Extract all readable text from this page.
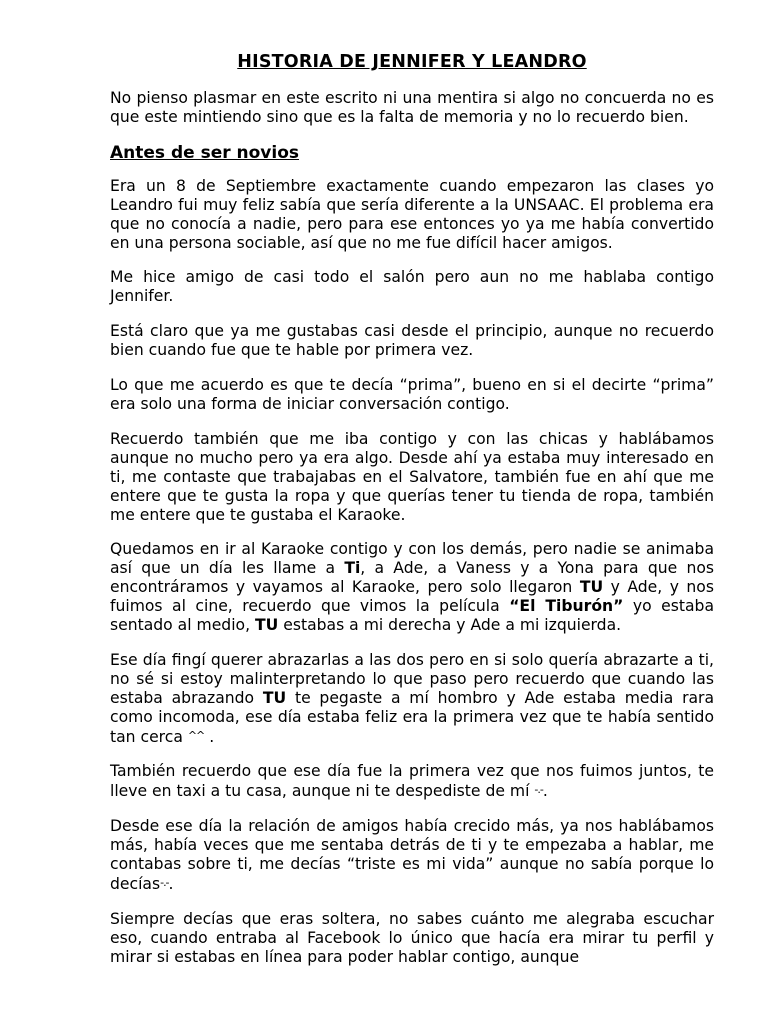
HISTORIA DE JENNIFER Y LEANDRO

No pienso plasmar en este escrito ni una mentira si algo no concuerda no es que este mintiendo sino que es la falta de memoria y no lo recuerdo bien.

Antes de ser novios

Era un 8 de Septiembre exactamente cuando empezaron las clases yo Leandro fui muy feliz sabía que sería diferente a la UNSAAC. El problema era que no conocía a nadie, pero para ese entonces yo ya me había convertido en una persona sociable, así que no me fue difícil hacer amigos.

Me hice amigo de casi todo el salón pero aun no me hablaba contigo Jennifer.

Está claro que ya me gustabas casi desde el principio, aunque no recuerdo bien cuando fue que te hable por primera vez.

Lo que me acuerdo es que te decía “prima”, bueno en si el decirte “prima” era solo una forma de iniciar conversación contigo.

Recuerdo también que me iba contigo y con las chicas y hablábamos aunque no mucho pero ya era algo. Desde ahí ya estaba muy interesado en ti, me contaste que trabajabas en el Salvatore, también fue en ahí que me entere que te gusta la ropa y que querías tener tu tienda de ropa, también me entere que te gustaba el Karaoke.

Quedamos en ir al Karaoke contigo y con los demás, pero nadie se animaba así que un día les llame a Ti, a Ade, a Vaness y a Yona para que nos encontráramos y vayamos al Karaoke, pero solo llegaron TU y Ade, y nos fuimos al cine, recuerdo que vimos la película “El Tiburón” yo estaba sentado al medio, TU estabas a mi derecha y Ade a mi izquierda.

Ese día fingí querer abrazarlas a las dos pero en si solo quería abrazarte a ti, no sé si estoy malinterpretando lo que paso pero recuerdo que cuando las estaba abrazando TU te pegaste a mí hombro y Ade estaba media rara como incomoda, ese día estaba feliz era la primera vez que te había sentido tan cerca ^^ .

También recuerdo que ese día fue la primera vez que nos fuimos juntos, te lleve en taxi a tu casa, aunque ni te despediste de mí -.-.

Desde ese día la relación de amigos había crecido más, ya nos hablábamos más, había veces que me sentaba detrás de ti y te empezaba a hablar, me contabas sobre ti, me decías “triste es mi vida” aunque no sabía porque lo decías-.-.

Siempre decías que eras soltera, no sabes cuánto me alegraba escuchar eso, cuando entraba al Facebook lo único que hacía era mirar tu perfil y mirar si estabas en línea para poder hablar contigo, aunque
